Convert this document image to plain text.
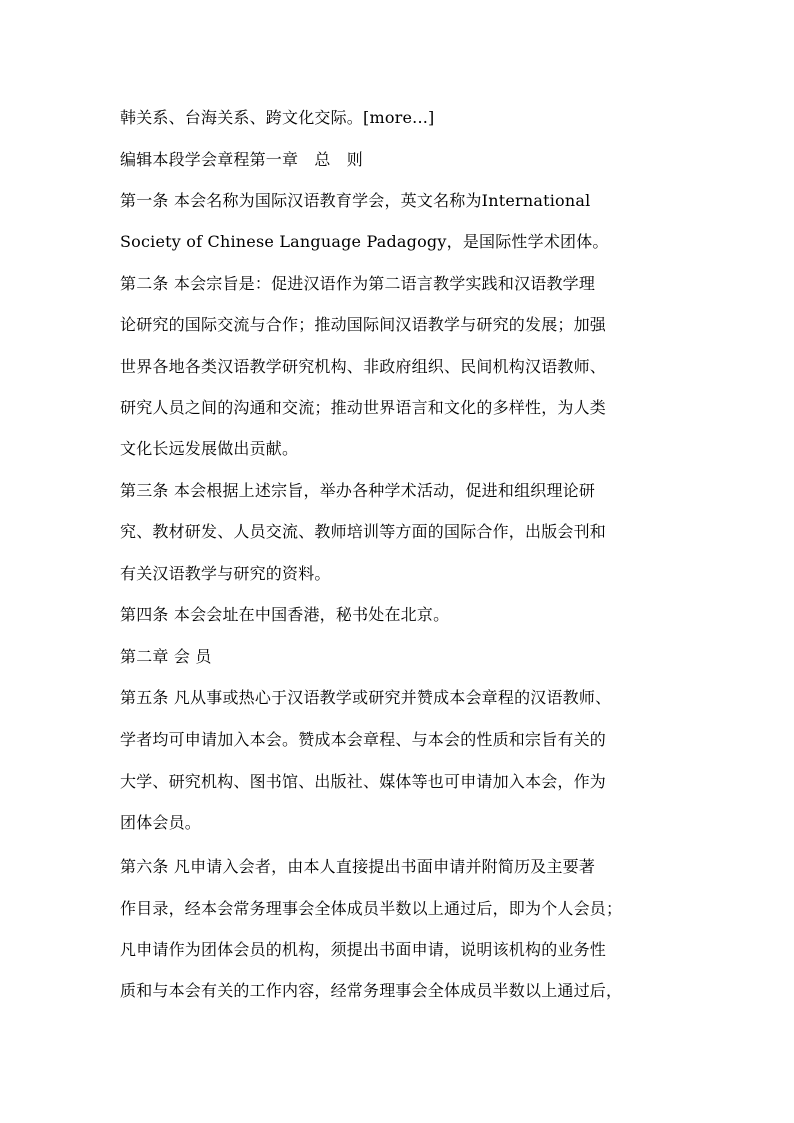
韩关系、台海关系、跨文化交际。[more...]
编辑本段学会章程第一章　总　则
第一条 本会名称为国际汉语教育学会，英文名称为International
Society of Chinese Language Padagogy，是国际性学术团体。
第二条 本会宗旨是：促进汉语作为第二语言教学实践和汉语教学理
论研究的国际交流与合作；推动国际间汉语教学与研究的发展；加强
世界各地各类汉语教学研究机构、非政府组织、民间机构汉语教师、
研究人员之间的沟通和交流；推动世界语言和文化的多样性，为人类
文化长远发展做出贡献。
第三条 本会根据上述宗旨，举办各种学术活动，促进和组织理论研
究、教材研发、人员交流、教师培训等方面的国际合作，出版会刊和
有关汉语教学与研究的资料。
第四条 本会会址在中国香港，秘书处在北京。
第二章 会 员
第五条 凡从事或热心于汉语教学或研究并赞成本会章程的汉语教师、
学者均可申请加入本会。赞成本会章程、与本会的性质和宗旨有关的
大学、研究机构、图书馆、出版社、媒体等也可申请加入本会，作为
团体会员。
第六条 凡申请入会者，由本人直接提出书面申请并附简历及主要著
作目录，经本会常务理事会全体成员半数以上通过后，即为个人会员；
凡申请作为团体会员的机构，须提出书面申请，说明该机构的业务性
质和与本会有关的工作内容，经常务理事会全体成员半数以上通过后，
